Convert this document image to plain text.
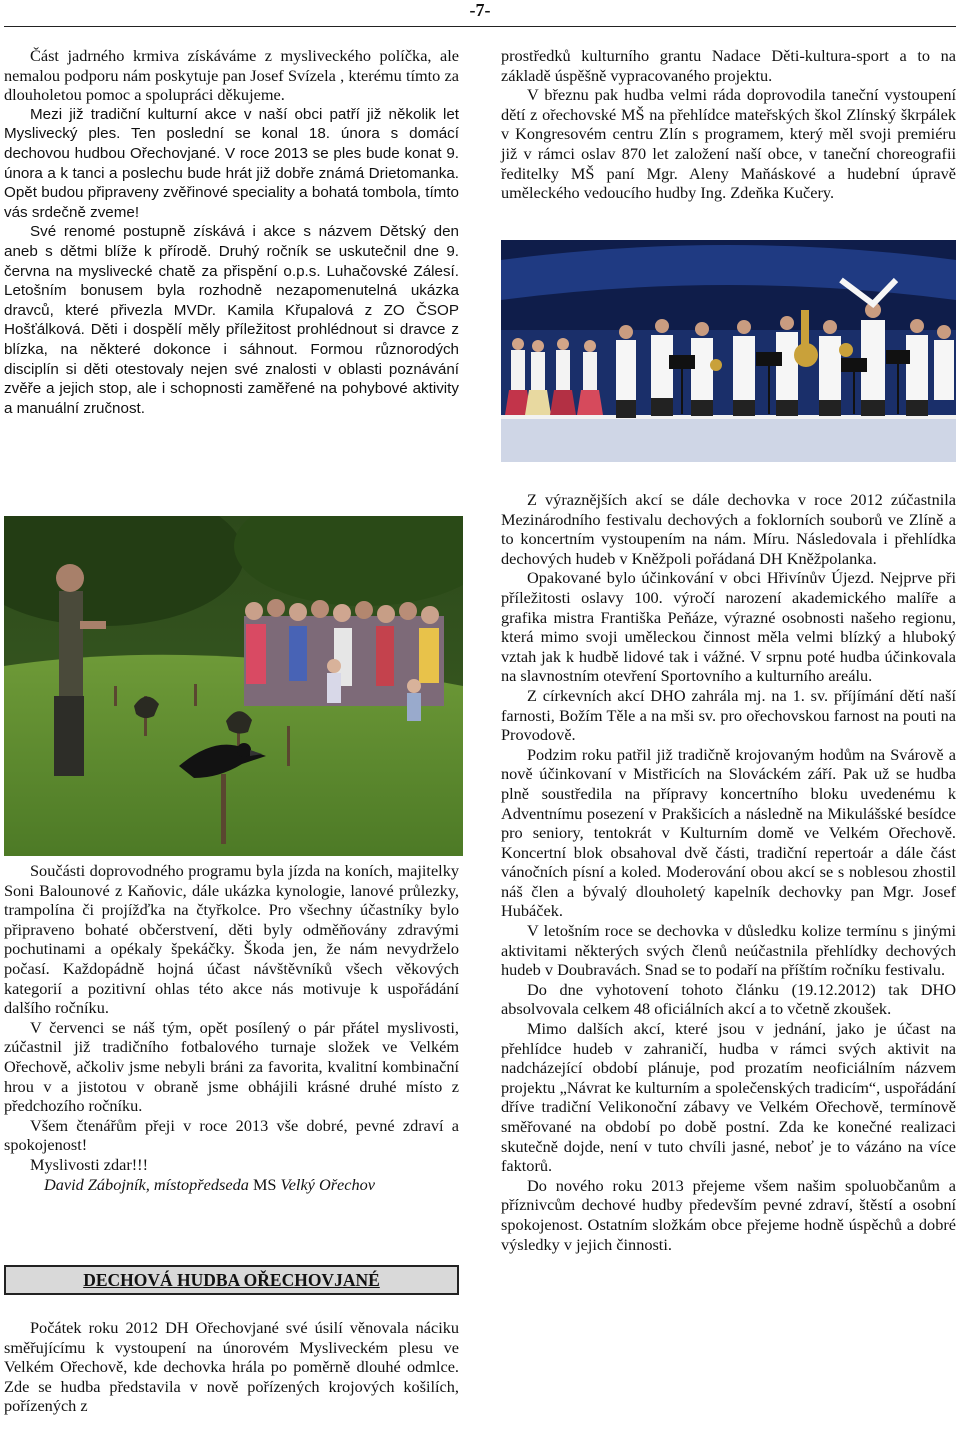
-7-

Část jadrného krmiva získáváme z mysliveckého políčka, ale nemalou podporu nám poskytuje pan Josef Svízela , kterému tímto za dlouholetou pomoc a spolupráci děkujeme.

Mezi již tradiční kulturní akce v naší obci patří již několik let Myslivecký ples. Ten poslední se konal 18. února s domácí dechovou hudbou Ořechovjané. V roce 2013 se ples bude konat 9. února a k tanci a poslechu bude hrát již dobře známá Drietomanka. Opět budou připraveny zvěřinové speciality a bohatá tombola, tímto vás srdečně zveme!

Své renomé postupně získává i akce s názvem Dětský den aneb s dětmi blíže k přírodě. Druhý ročník se uskutečnil dne 9. června na myslivecké chatě za přispění o.p.s. Luhačovské Zálesí. Letošním bonusem byla rozhodně nezapomenutelná ukázka dravců, které přivezla MVDr. Kamila Křupalová z ZO ČSOP Hošťálková. Děti i dospělí měly příležitost prohlédnout si dravce z blízka, na některé dokonce i sáhnout. Formou různorodých disciplín si děti otestovaly nejen své znalosti v oblasti poznávání zvěře a jejich stop, ale i schopnosti zaměřené na pohybové aktivity a manuální zručnost.

Součásti doprovodného programu byla jízda na koních, majitelky Soni Balounové z Kaňovic, dále ukázka kynologie, lanové průlezky, trampolína či projížďka na čtyřkolce. Pro všechny účastníky bylo připraveno bohaté občerstvení, děti byly odměňovány zdravými pochutinami a opékaly špekáčky. Škoda jen, že nám nevydrželo počasí. Každopádně hojná účast návštěvníků všech věkových kategorií a pozitivní ohlas této akce nás motivuje k uspořádání dalšího ročníku.

V červenci se náš tým, opět posílený o pár přátel myslivosti, zúčastnil již tradičního fotbalového turnaje složek ve Velkém Ořechově, ačkoliv jsme nebyli bráni za favorita, kvalitní kombinační hrou v a jistotou v obraně jsme obhájili krásné druhé místo z předchozího ročníku.

Všem čtenářům přeji v roce 2013 vše dobré, pevné zdraví a spokojenost!

Myslivosti zdar!!!

David Zábojník, místopředseda MS Velký Ořechov

DECHOVÁ HUDBA OŘECHOVJANÉ

Počátek roku 2012 DH Ořechovjané své úsilí věnovala náciku směřujícímu k vystoupení na únorovém Mysliveckém plesu ve Velkém Ořechově, kde dechovka hrála po poměrně dlouhé odmlce. Zde se hudba představila v nově pořízených krojových košilích, pořízených z

prostředků kulturního grantu Nadace Děti-kultura-sport a to na základě úspěšně vypracovaného projektu.

V březnu pak hudba velmi ráda doprovodila taneční vystoupení dětí z ořechovské MŠ na přehlídce mateřských škol Zlínský škrpálek v Kongresovém centru Zlín s programem, který měl svoji premiéru již v rámci oslav 870 let založení naší obce, v taneční choreografii ředitelky MŠ paní Mgr. Aleny Maňáskové a hudební úpravě uměleckého vedoucího hudby Ing. Zdeňka Kučery.

Z výraznějších akcí se dále dechovka v roce 2012 zúčastnila Mezinárodního festivalu dechových a foklorních souborů ve Zlíně a to koncertním vystoupením na nám. Míru. Následovala i přehlídka dechových hudeb v Kněžpoli pořádaná DH Kněžpolanka.

Opakované bylo účinkování v obci Hřivínův Újezd. Nejprve při příležitosti oslavy 100. výročí narození akademického malíře a grafika mistra Františka Peňáze, výrazné osobnosti našeho regionu, která mimo svoji uměleckou činnost měla velmi blízký a hluboký vztah jak k hudbě lidové tak i vážné. V srpnu poté hudba účinkovala na slavnostním otevření Sportovního a kulturního areálu.

Z církevních akcí DHO zahrála mj. na 1. sv. příjímání dětí naší farnosti, Božím Těle a na mši sv. pro ořechovskou farnost na pouti na Provodově.

Podzim roku patřil již tradičně krojovaným hodům na Svárově a nově účinkovaní v Mistřicích na Slováckém září. Pak už se hudba plně soustředila na přípravy koncertního bloku uvedenému k Adventnímu posezení v Prakšicích a následně na Mikulášské besídce pro seniory, tentokrát v Kulturním domě ve Velkém Ořechově. Koncertní blok obsahoval dvě části, tradiční repertoár a dále část vánočních písní a koled. Moderování obou akcí se s noblesou zhostil náš člen a bývalý dlouholetý kapelník dechovky pan Mgr. Josef Hubáček.

V letošním roce se dechovka v důsledku kolize termínu s jinými aktivitami některých svých členů neúčastnila přehlídky dechových hudeb v Doubravách. Snad se to podaří na příštím ročníku festivalu.

Do dne vyhotovení tohoto článku (19.12.2012) tak DHO absolvovala celkem 48 oficiálních akcí a to včetně zkoušek.

Mimo dalších akcí, které jsou v jednání, jako je účast na přehlídce hudeb v zahraničí, hudba v rámci svých aktivit na nadcházející období plánuje, pod prozatím neoficiálním názvem projektu „Návrat ke kulturním a společenských tradicím“, uspořádání dříve tradiční Velikonoční zábavy ve Velkém Ořechově, termínově směřované na období po době postní. Zda ke konečné realizaci skutečně dojde, není v tuto chvíli jasné, neboť je to vázáno na více faktorů.

Do nového roku 2013 přejeme všem našim spoluobčanům a příznivcům dechové hudby především pevné zdraví, štěstí a osobní spokojenost. Ostatním složkám obce přejeme hodně úspěchů a dobré výsledky v jejich činnosti.
